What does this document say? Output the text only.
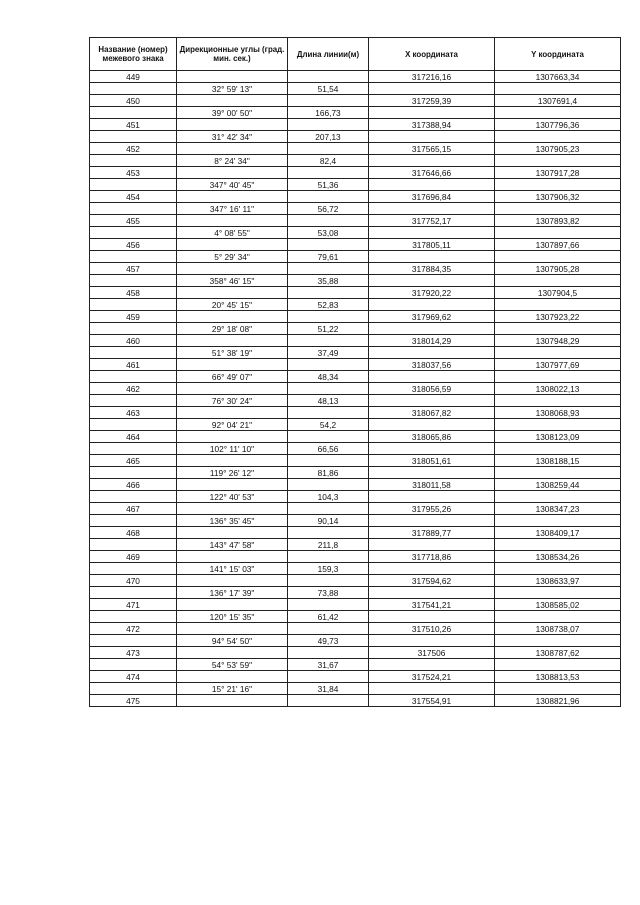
Название (номер) межевого знака	Дирекционные углы (град. мин. сек.)	Длина линии(м)	X координата	Y координата
449			317216,16	1307663,34
	32° 59' 13"	51,54		
450			317259,39	1307691,4
	39° 00' 50"	166,73		
451			317388,94	1307796,36
	31° 42' 34"	207,13		
452			317565,15	1307905,23
	8° 24' 34"	82,4		
453			317646,66	1307917,28
	347° 40' 45"	51,36		
454			317696,84	1307906,32
	347° 16' 11"	56,72		
455			317752,17	1307893,82
	4° 08' 55"	53,08		
456			317805,11	1307897,66
	5° 29' 34"	79,61		
457			317884,35	1307905,28
	358° 46' 15"	35,88		
458			317920,22	1307904,5
	20° 45' 15"	52,83		
459			317969,62	1307923,22
	29° 18' 08"	51,22		
460			318014,29	1307948,29
	51° 38' 19"	37,49		
461			318037,56	1307977,69
	66° 49' 07"	48,34		
462			318056,59	1308022,13
	76° 30' 24"	48,13		
463			318067,82	1308068,93
	92° 04' 21"	54,2		
464			318065,86	1308123,09
	102° 11' 10"	66,56		
465			318051,61	1308188,15
	119° 26' 12"	81,86		
466			318011,58	1308259,44
	122° 40' 53"	104,3		
467			317955,26	1308347,23
	136° 35' 45"	90,14		
468			317889,77	1308409,17
	143° 47' 58"	211,8		
469			317718,86	1308534,26
	141° 15' 03"	159,3		
470			317594,62	1308633,97
	136° 17' 39"	73,88		
471			317541,21	1308585,02
	120° 15' 35"	61,42		
472			317510,26	1308738,07
	94° 54' 50"	49,73		
473			317506	1308787,62
	54° 53' 59"	31,67		
474			317524,21	1308813,53
	15° 21' 16"	31,84		
475			317554,91	1308821,96
